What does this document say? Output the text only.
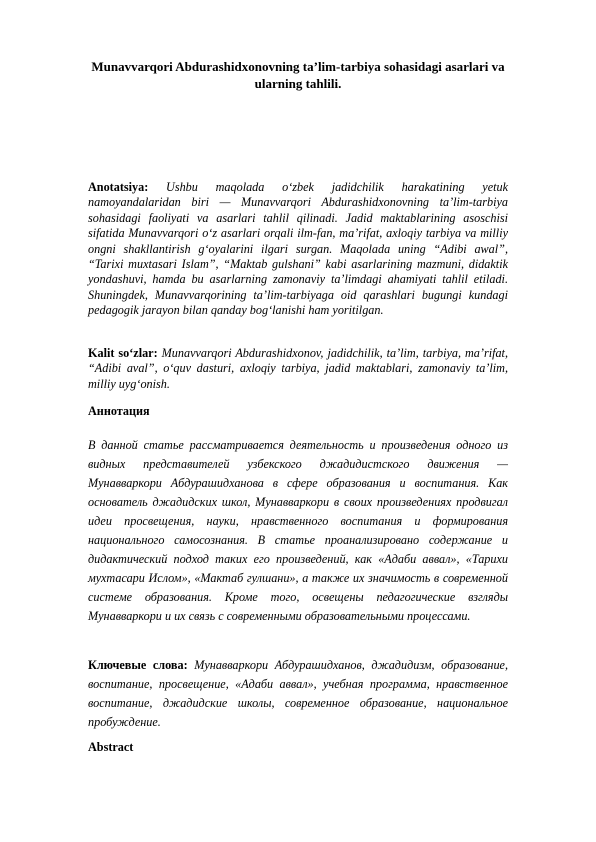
Munavvarqori Abdurashidxonovning ta’lim-tarbiya sohasidagi asarlari va ularning tahlili.
Anotatsiya: Ushbu maqolada o‘zbek jadidchilik harakatining yetuk namoyandalaridan biri — Munavvarqori Abdurashidxonovning ta’lim-tarbiya sohasidagi faoliyati va asarlari tahlil qilinadi. Jadid maktablarining asoschisi sifatida Munavvarqori o‘z asarlari orqali ilm-fan, ma’rifat, axloqiy tarbiya va milliy ongni shakllantirish g‘oyalarini ilgari surgan. Maqolada uning “Adibi awal”, “Tarixi muxtasari Islam”, “Maktab gulshani” kabi asarlarining mazmuni, didaktik yondashuvi, hamda bu asarlarning zamonaviy ta’limdagi ahamiyati tahlil etiladi. Shuningdek, Munavvarqorining ta’lim-tarbiyaga oid qarashlari bugungi kundagi pedagogik jarayon bilan qanday bog‘lanishi ham yoritilgan.
Kalit so‘zlar: Munavvarqori Abdurashidxonov, jadidchilik, ta’lim, tarbiya, ma’rifat, “Adibi aval”, o‘quv dasturi, axloqiy tarbiya, jadid maktablari, zamonaviy ta’lim, milliy uyg‘onish.
Аннотация
В данной статье рассматривается деятельность и произведения одного из видных представителей узбекского джадидистского движения — Мунавваркори Абдурашидханова в сфере образования и воспитания. Как основатель джадидских школ, Мунавваркори в своих произведениях продвигал идеи просвещения, науки, нравственного воспитания и формирования национального самосознания. В статье проанализировано содержание и дидактический подход таких его произведений, как «Адаби аввал», «Тарихи мухтасари Ислом», «Мактаб гулшани», а также их значимость в современной системе образования. Кроме того, освещены педагогические взгляды Мунавваркори и их связь с современными образовательными процессами.
Ключевые слова: Мунавваркори Абдурашидханов, джадидизм, образование, воспитание, просвещение, «Адаби аввал», учебная программа, нравственное воспитание, джадидские школы, современное образование, национальное пробуждение.
Abstract
